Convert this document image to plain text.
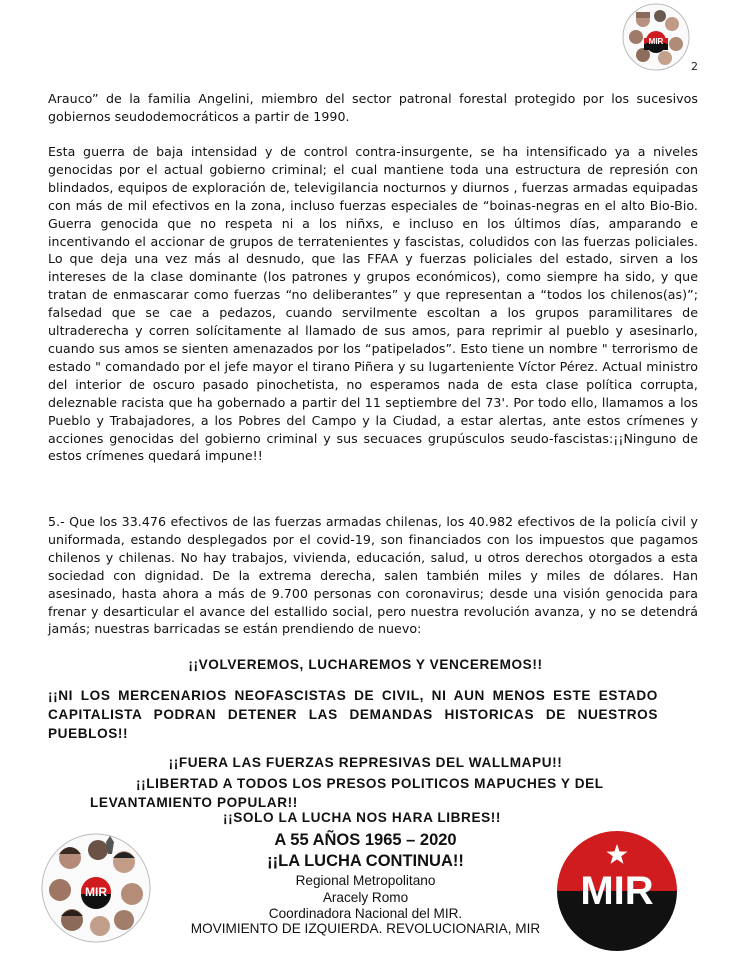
MIR
2
Arauco” de la familia Angelini, miembro del sector patronal forestal protegido por los sucesivos gobiernos seudodemocráticos a partir de 1990.
Esta guerra de baja intensidad y de control contra-insurgente, se ha intensificado ya a niveles genocidas por el actual gobierno criminal; el cual mantiene toda una estructura de represión con blindados, equipos de exploración de, televigilancia nocturnos y diurnos , fuerzas armadas equipadas con más de mil efectivos en la zona, incluso fuerzas especiales de “boinas-negras en el alto Bio-Bio. Guerra genocida que no respeta ni a los niñxs, e incluso en los últimos días, amparando e incentivando el accionar de grupos de terratenientes y fascistas, coludidos con las fuerzas policiales. Lo que deja una vez más al desnudo, que las FFAA y fuerzas policiales del estado, sirven a los intereses de la clase dominante (los patrones y grupos económicos), como siempre ha sido, y que tratan de enmascarar como fuerzas “no deliberantes” y que representan a “todos los chilenos(as)”; falsedad que se cae a pedazos, cuando servilmente escoltan a los grupos paramilitares de ultraderecha y corren solícitamente al llamado de sus amos, para reprimir al pueblo y asesinarlo, cuando sus amos se sienten amenazados por los “patipelados”. Esto tiene un nombre " terrorismo de estado " comandado por el jefe mayor el tirano Piñera y su lugarteniente Víctor Pérez. Actual ministro del interior de oscuro pasado pinochetista, no esperamos nada de esta clase política corrupta, deleznable racista que ha gobernado a partir del 11 septiembre del 73'. Por todo ello, llamamos a los Pueblo y Trabajadores, a los Pobres del Campo y la Ciudad, a estar alertas, ante estos crímenes y acciones genocidas del gobierno criminal y sus secuaces grupúsculos seudo-fascistas:¡¡Ninguno de estos crímenes quedará impune!!
5.- Que los 33.476 efectivos de las fuerzas armadas chilenas, los 40.982 efectivos de la policía civil y uniformada, estando desplegados por el covid-19, son financiados con los impuestos que pagamos chilenos y chilenas. No hay trabajos, vivienda, educación, salud, u otros derechos otorgados a esta sociedad con dignidad. De la extrema derecha, salen también miles y miles de dólares. Han asesinado, hasta ahora a más de 9.700 personas con coronavirus; desde una visión genocida para frenar y desarticular el avance del estallido social, pero nuestra revolución avanza, y no se detendrá jamás; nuestras barricadas se están prendiendo de nuevo:
¡¡VOLVEREMOS, LUCHAREMOS Y VENCEREMOS!!
¡¡NI LOS MERCENARIOS NEOFASCISTAS DE CIVIL, NI AUN MENOS ESTE ESTADO CAPITALISTA PODRAN DETENER LAS DEMANDAS HISTORICAS DE NUESTROS PUEBLOS!!
¡¡FUERA LAS FUERZAS REPRESIVAS DEL WALLMAPU!!
¡¡LIBERTAD A TODOS LOS PRESOS POLITICOS MAPUCHES Y DEL
LEVANTAMIENTO POPULAR!!
¡¡SOLO LA LUCHA NOS HARA LIBRES!!
A 55 AÑOS 1965 – 2020
¡¡LA LUCHA CONTINUA!!
Regional Metropolitano
Aracely Romo
Coordinadora Nacional del MIR.
MOVIMIENTO DE IZQUIERDA. REVOLUCIONARIA, MIR
MIR	MIR
